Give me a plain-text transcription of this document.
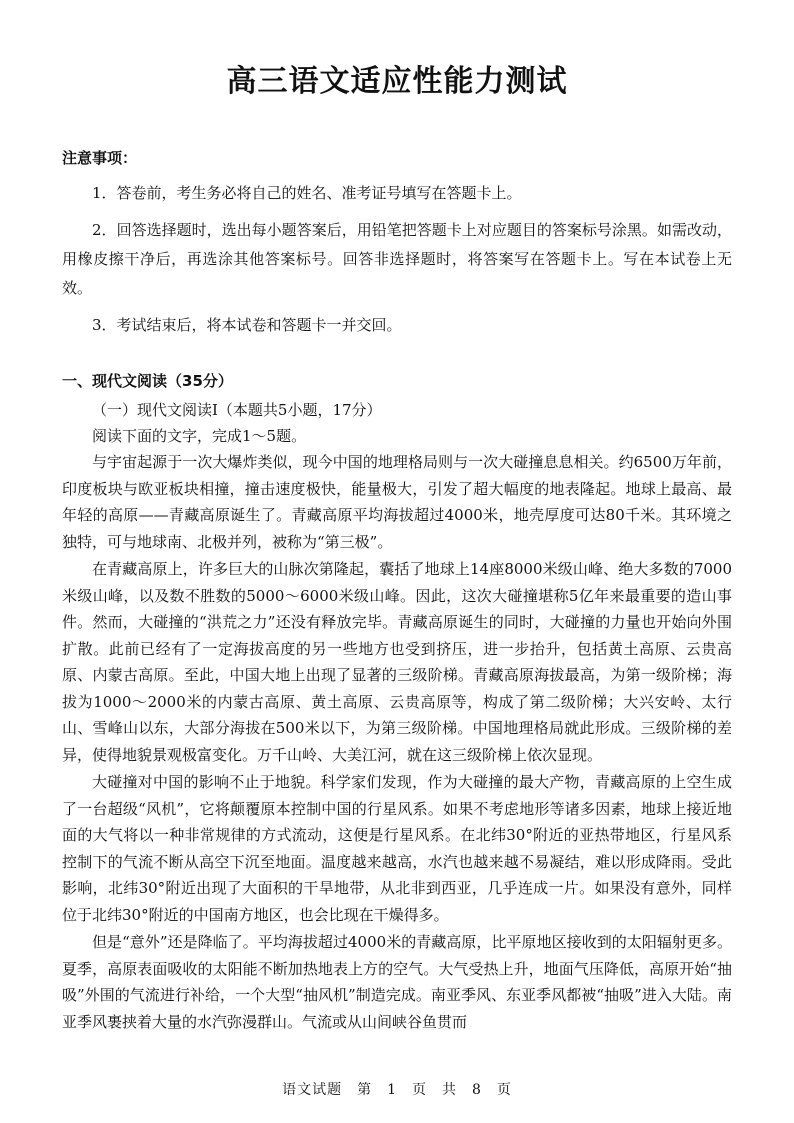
高三语文适应性能力测试
注意事项：

1．答卷前，考生务必将自己的姓名、准考证号填写在答题卡上。

2．回答选择题时，选出每小题答案后，用铅笔把答题卡上对应题目的答案标号涂黑。如需改动，用橡皮擦干净后，再选涂其他答案标号。回答非选择题时，将答案写在答题卡上。写在本试卷上无效。

3．考试结束后，将本试卷和答题卡一并交回。

一、现代文阅读（35分）
（一）现代文阅读Ⅰ（本题共5小题，17分）
阅读下面的文字，完成1～5题。

与宇宙起源于一次大爆炸类似，现今中国的地理格局则与一次大碰撞息息相关。约6500万年前，印度板块与欧亚板块相撞，撞击速度极快，能量极大，引发了超大幅度的地表隆起。地球上最高、最年轻的高原——青藏高原诞生了。青藏高原平均海拔超过4000米，地壳厚度可达80千米。其环境之独特，可与地球南、北极并列，被称为“第三极”。

在青藏高原上，许多巨大的山脉次第隆起，囊括了地球上14座8000米级山峰、绝大多数的7000米级山峰，以及数不胜数的5000～6000米级山峰。因此，这次大碰撞堪称5亿年来最重要的造山事件。然而，大碰撞的“洪荒之力”还没有释放完毕。青藏高原诞生的同时，大碰撞的力量也开始向外围扩散。此前已经有了一定海拔高度的另一些地方也受到挤压，进一步抬升，包括黄土高原、云贵高原、内蒙古高原。至此，中国大地上出现了显著的三级阶梯。青藏高原海拔最高，为第一级阶梯；海拔为1000～2000米的内蒙古高原、黄土高原、云贵高原等，构成了第二级阶梯；大兴安岭、太行山、雪峰山以东，大部分海拔在500米以下，为第三级阶梯。中国地理格局就此形成。三级阶梯的差异，使得地貌景观极富变化。万千山岭、大美江河，就在这三级阶梯上依次显现。

大碰撞对中国的影响不止于地貌。科学家们发现，作为大碰撞的最大产物，青藏高原的上空生成了一台超级“风机”，它将颠覆原本控制中国的行星风系。如果不考虑地形等诸多因素，地球上接近地面的大气将以一种非常规律的方式流动，这便是行星风系。在北纬30°附近的亚热带地区，行星风系控制下的气流不断从高空下沉至地面。温度越来越高，水汽也越来越不易凝结，难以形成降雨。受此影响，北纬30°附近出现了大面积的干旱地带，从北非到西亚，几乎连成一片。如果没有意外，同样位于北纬30°附近的中国南方地区，也会比现在干燥得多。

但是“意外”还是降临了。平均海拔超过4000米的青藏高原，比平原地区接收到的太阳辐射更多。夏季，高原表面吸收的太阳能不断加热地表上方的空气。大气受热上升，地面气压降低，高原开始“抽吸”外围的气流进行补给，一个大型“抽风机”制造完成。南亚季风、东亚季风都被“抽吸”进入大陆。南亚季风裹挟着大量的水汽弥漫群山。气流或从山间峡谷鱼贯而

语文试题　第　1　页　共　8　页
